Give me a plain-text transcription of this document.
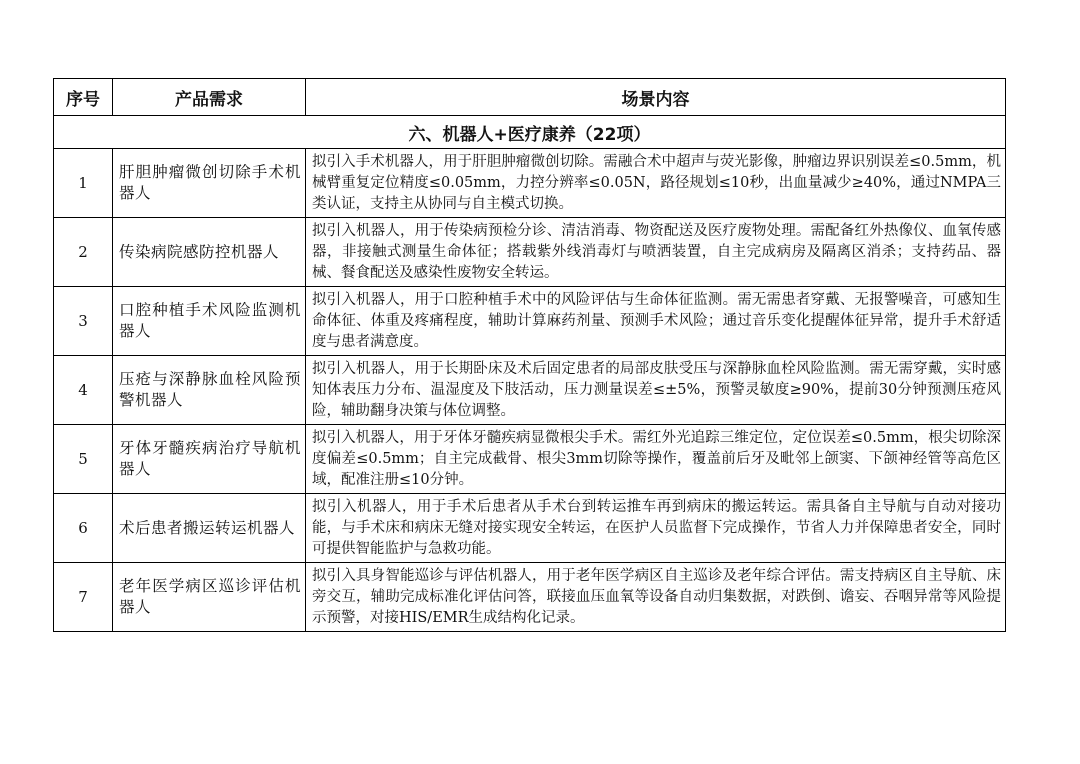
序号	产品需求	场景内容
六、机器人+医疗康养（22项）		
1	肝胆肿瘤微创切除手术机器人	拟引入手术机器人，用于肝胆肿瘤微创切除。需融合术中超声与荧光影像，肿瘤边界识别误差≤0.5mm，机械臂重复定位精度≤0.05mm，力控分辨率≤0.05N，路径规划≤10秒，出血量减少≥40%，通过NMPA三类认证，支持主从协同与自主模式切换。
2	传染病院感防控机器人	拟引入机器人，用于传染病预检分诊、清洁消毒、物资配送及医疗废物处理。需配备红外热像仪、血氧传感器，非接触式测量生命体征；搭载紫外线消毒灯与喷洒装置，自主完成病房及隔离区消杀；支持药品、器械、餐食配送及感染性废物安全转运。
3	口腔种植手术风险监测机器人	拟引入机器人，用于口腔种植手术中的风险评估与生命体征监测。需无需患者穿戴、无报警噪音，可感知生命体征、体重及疼痛程度，辅助计算麻药剂量、预测手术风险；通过音乐变化提醒体征异常，提升手术舒适度与患者满意度。
4	压疮与深静脉血栓风险预警机器人	拟引入机器人，用于长期卧床及术后固定患者的局部皮肤受压与深静脉血栓风险监测。需无需穿戴，实时感知体表压力分布、温湿度及下肢活动，压力测量误差≤±5%，预警灵敏度≥90%，提前30分钟预测压疮风险，辅助翻身决策与体位调整。
5	牙体牙髓疾病治疗导航机器人	拟引入机器人，用于牙体牙髓疾病显微根尖手术。需红外光追踪三维定位，定位误差≤0.5mm，根尖切除深度偏差≤0.5mm；自主完成截骨、根尖3mm切除等操作，覆盖前后牙及毗邻上颌窦、下颌神经管等高危区域，配准注册≤10分钟。
6	术后患者搬运转运机器人	拟引入机器人，用于手术后患者从手术台到转运推车再到病床的搬运转运。需具备自主导航与自动对接功能，与手术床和病床无缝对接实现安全转运，在医护人员监督下完成操作，节省人力并保障患者安全，同时可提供智能监护与急救功能。
7	老年医学病区巡诊评估机器人	拟引入具身智能巡诊与评估机器人，用于老年医学病区自主巡诊及老年综合评估。需支持病区自主导航、床旁交互，辅助完成标准化评估问答，联接血压血氧等设备自动归集数据，对跌倒、谵妄、吞咽异常等风险提示预警，对接HIS/EMR生成结构化记录。
